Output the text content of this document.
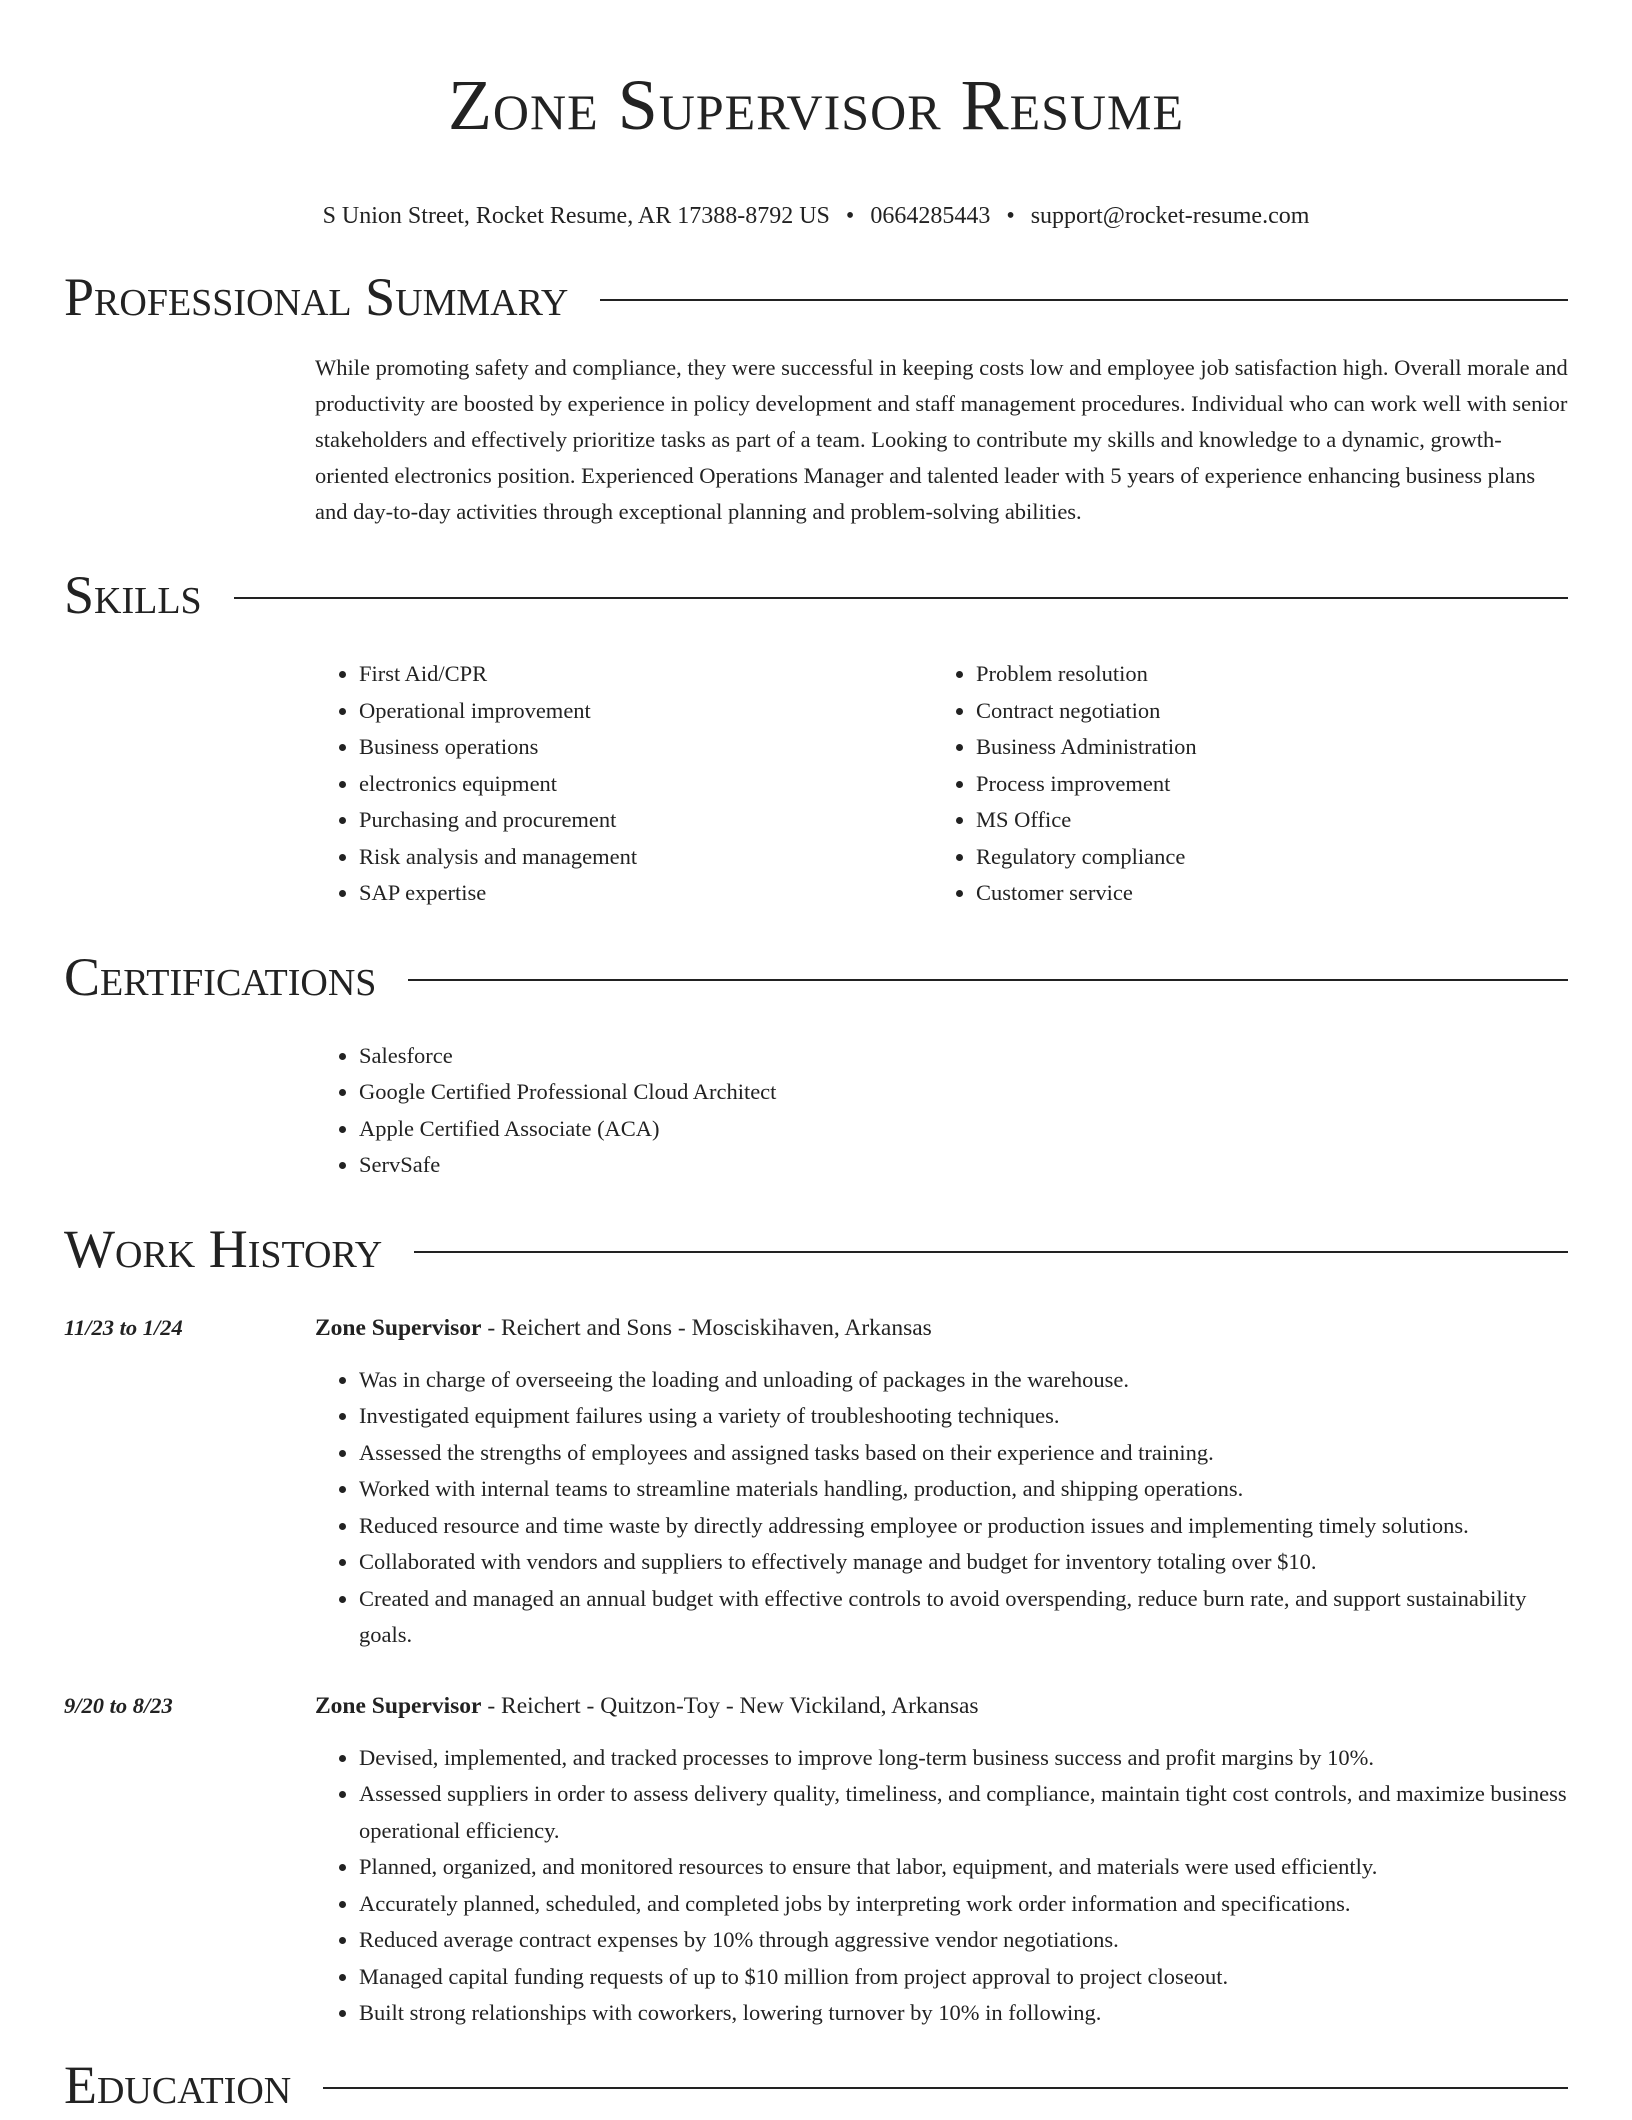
Zone Supervisor Resume
S Union Street, Rocket Resume, AR 17388-8792 US • 0664285443 • support@rocket-resume.com
Professional Summary
While promoting safety and compliance, they were successful in keeping costs low and employee job satisfaction high. Overall morale and productivity are boosted by experience in policy development and staff management procedures. Individual who can work well with senior stakeholders and effectively prioritize tasks as part of a team. Looking to contribute my skills and knowledge to a dynamic, growth-oriented electronics position. Experienced Operations Manager and talented leader with 5 years of experience enhancing business plans and day-to-day activities through exceptional planning and problem-solving abilities.
Skills
• First Aid/CPR
• Operational improvement
• Business operations
• electronics equipment
• Purchasing and procurement
• Risk analysis and management
• SAP expertise
• Problem resolution
• Contract negotiation
• Business Administration
• Process improvement
• MS Office
• Regulatory compliance
• Customer service
Certifications
• Salesforce
• Google Certified Professional Cloud Architect
• Apple Certified Associate (ACA)
• ServSafe
Work History
11/23 to 1/24	Zone Supervisor - Reichert and Sons - Mosciskihaven, Arkansas
• Was in charge of overseeing the loading and unloading of packages in the warehouse.
• Investigated equipment failures using a variety of troubleshooting techniques.
• Assessed the strengths of employees and assigned tasks based on their experience and training.
• Worked with internal teams to streamline materials handling, production, and shipping operations.
• Reduced resource and time waste by directly addressing employee or production issues and implementing timely solutions.
• Collaborated with vendors and suppliers to effectively manage and budget for inventory totaling over $10.
• Created and managed an annual budget with effective controls to avoid overspending, reduce burn rate, and support sustainability goals.
9/20 to 8/23	Zone Supervisor - Reichert - Quitzon-Toy - New Vickiland, Arkansas
• Devised, implemented, and tracked processes to improve long-term business success and profit margins by 10%.
• Assessed suppliers in order to assess delivery quality, timeliness, and compliance, maintain tight cost controls, and maximize business operational efficiency.
• Planned, organized, and monitored resources to ensure that labor, equipment, and materials were used efficiently.
• Accurately planned, scheduled, and completed jobs by interpreting work order information and specifications.
• Reduced average contract expenses by 10% through aggressive vendor negotiations.
• Managed capital funding requests of up to $10 million from project approval to project closeout.
• Built strong relationships with coworkers, lowering turnover by 10% in following.
Education
